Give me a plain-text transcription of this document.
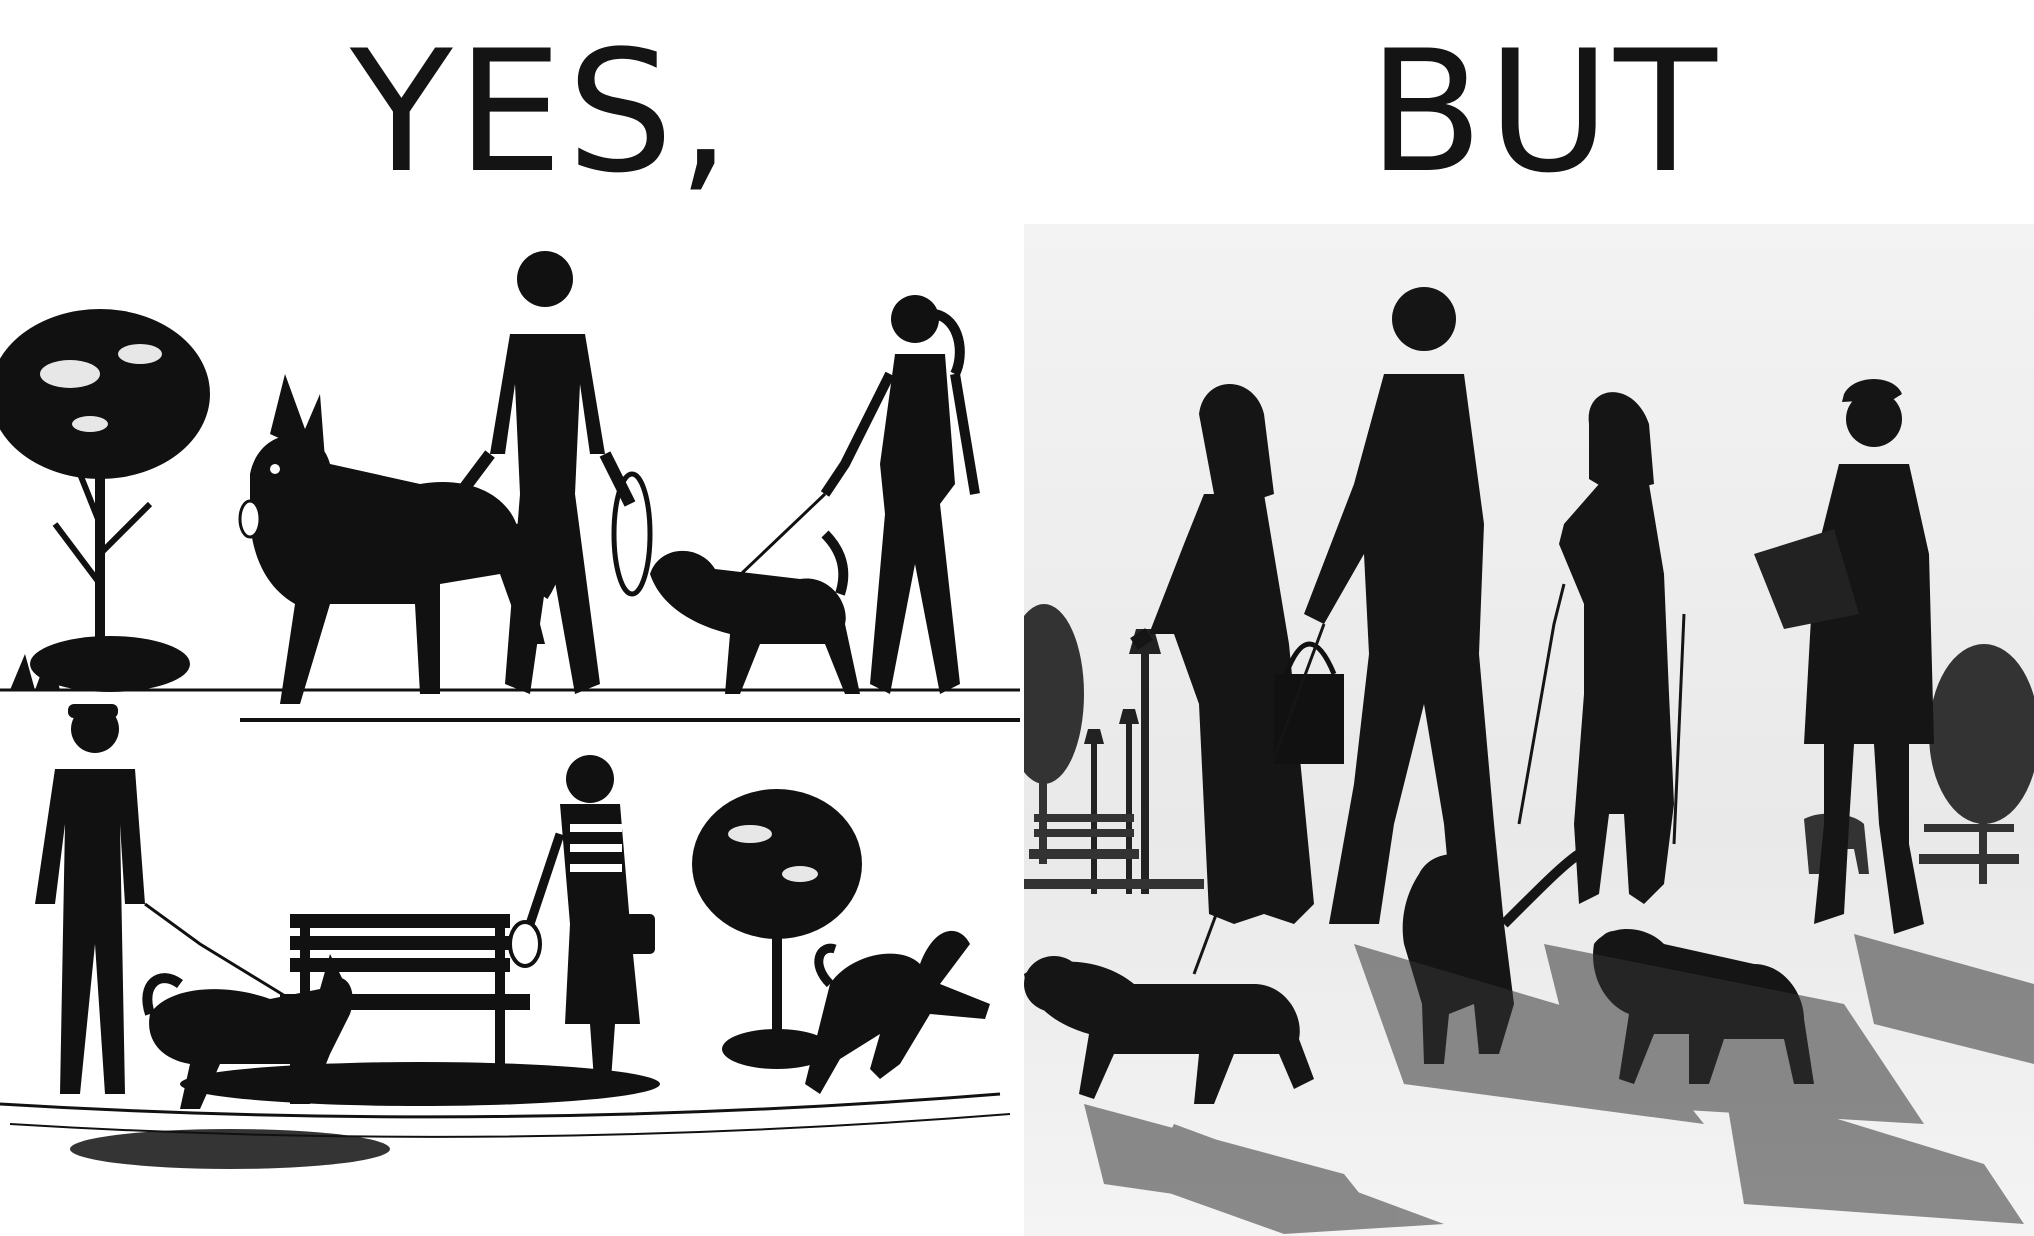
YES,	BUT
